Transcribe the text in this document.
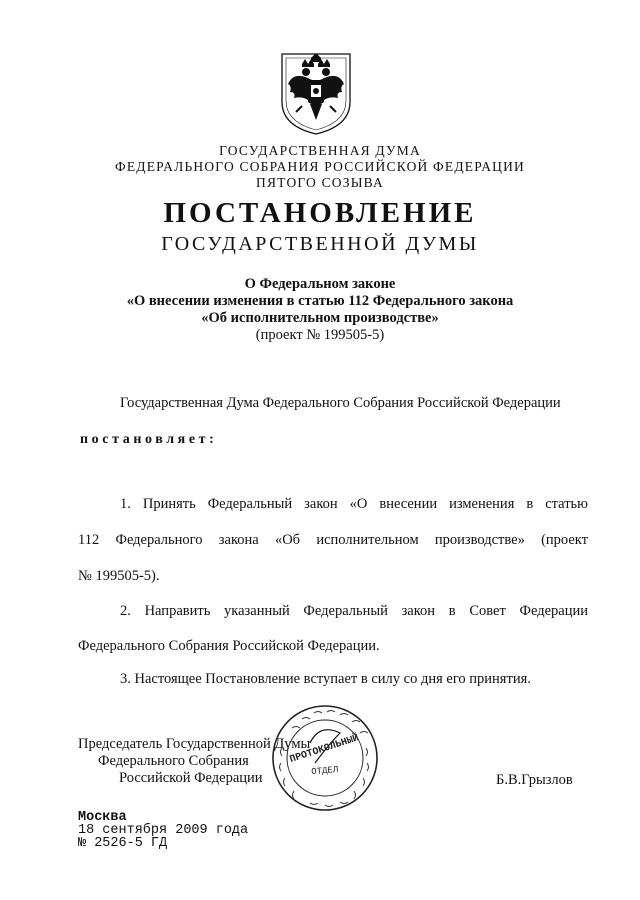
ГОСУДАРСТВЕННАЯ ДУМА
ФЕДЕРАЛЬНОГО СОБРАНИЯ РОССИЙСКОЙ ФЕДЕРАЦИИ
ПЯТОГО СОЗЫВА
ПОСТАНОВЛЕНИЕ
ГОСУДАРСТВЕННОЙ ДУМЫ
О Федеральном законе
«О внесении изменения в статью 112 Федерального закона
«Об исполнительном производстве»
(проект № 199505-5)
Государственная Дума Федерального Собрания Российской Федерации
постановляет:
1. Принять Федеральный закон «О внесении изменения в статью
112 Федерального закона «Об исполнительном производстве» (проект
№ 199505-5).
2. Направить указанный Федеральный закон в Совет Федерации
Федерального Собрания Российской Федерации.
3. Настоящее Постановление вступает в силу со дня его принятия.
Председатель Государственной Думы
Федерального Собрания
Российской Федерации	Б.В.Грызлов
ПРОТОКОЛЬНЫЙ
ОТДЕЛ
Москва
18 сентября 2009 года
№ 2526-5 ГД
